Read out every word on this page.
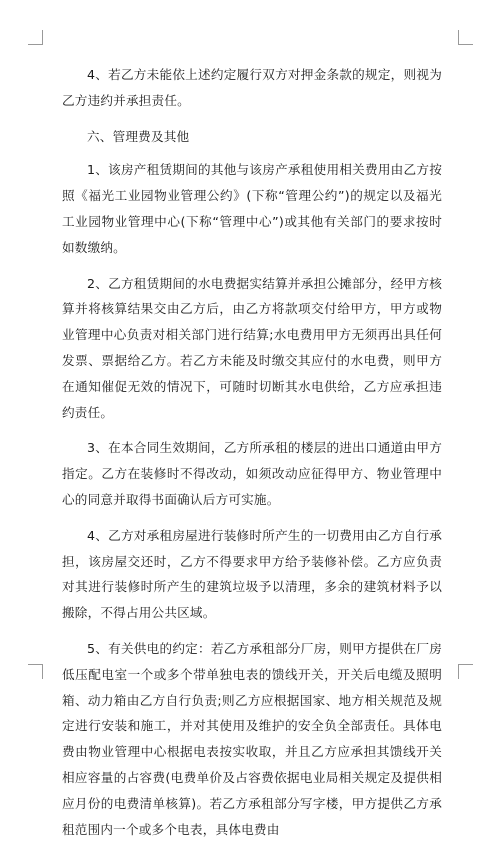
4、若乙方未能依上述约定履行双方对押金条款的规定，则视为乙方违约并承担责任。

六、管理费及其他

1、该房产租赁期间的其他与该房产承租使用相关费用由乙方按照《福光工业园物业管理公约》(下称“管理公约”)的规定以及福光工业园物业管理中心(下称“管理中心”)或其他有关部门的要求按时如数缴纳。

2、乙方租赁期间的水电费据实结算并承担公摊部分，经甲方核算并将核算结果交由乙方后，由乙方将款项交付给甲方，甲方或物业管理中心负责对相关部门进行结算;水电费用甲方无须再出具任何发票、票据给乙方。若乙方未能及时缴交其应付的水电费，则甲方在通知催促无效的情况下，可随时切断其水电供给，乙方应承担违约责任。

3、在本合同生效期间，乙方所承租的楼层的进出口通道由甲方指定。乙方在装修时不得改动，如须改动应征得甲方、物业管理中心的同意并取得书面确认后方可实施。

4、乙方对承租房屋进行装修时所产生的一切费用由乙方自行承担，该房屋交还时，乙方不得要求甲方给予装修补偿。乙方应负责对其进行装修时所产生的建筑垃圾予以清理，多余的建筑材料予以搬除，不得占用公共区域。

5、有关供电的约定：若乙方承租部分厂房，则甲方提供在厂房低压配电室一个或多个带单独电表的馈线开关，开关后电缆及照明箱、动力箱由乙方自行负责;则乙方应根据国家、地方相关规范及规定进行安装和施工，并对其使用及维护的安全负全部责任。具体电费由物业管理中心根据电表按实收取，并且乙方应承担其馈线开关相应容量的占容费(电费单价及占容费依据电业局相关规定及提供相应月份的电费清单核算)。若乙方承租部分写字楼，甲方提供乙方承租范围内一个或多个电表，具体电费由
